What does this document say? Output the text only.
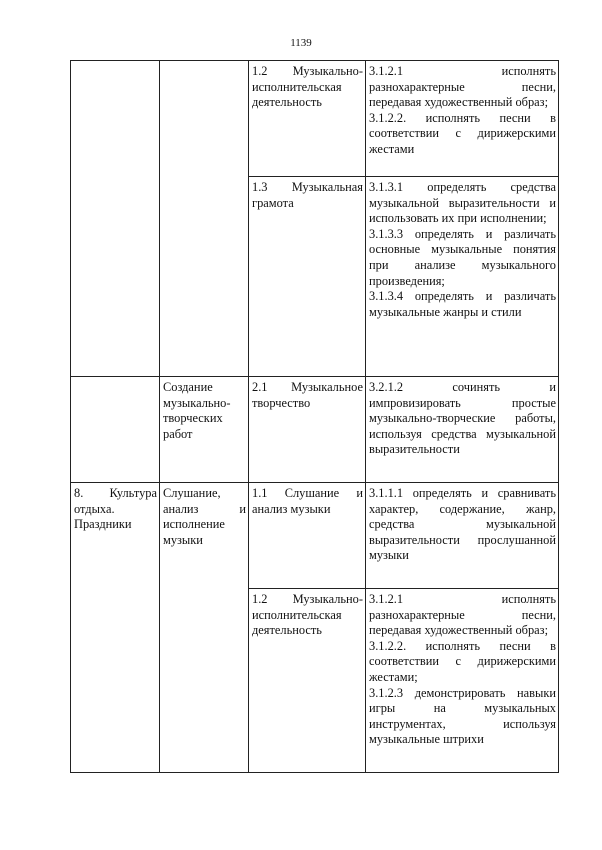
1139

		1.2 Музыкально-исполнительская деятельность	3.1.2.1 исполнять разнохарактерные песни, передавая художественный образ;
3.1.2.2. исполнять песни в соответствии с дирижерскими жестами

		1.3 Музыкальная грамота	3.1.3.1 определять средства музыкальной выразительности и использовать их при исполнении;
3.1.3.3 определять и различать основные музыкальные понятия при анализе музыкального произведения;
3.1.3.4 определять и различать музыкальные жанры и стили

	Создание музыкально-творческих работ	2.1 Музыкальное творчество	3.2.1.2 сочинять и импровизировать простые музыкально-творческие работы, используя средства музыкальной выразительности

8. Культура отдыха. Праздники	Слушание, анализ и исполнение музыки	1.1 Слушание и анализ музыки	3.1.1.1 определять и сравнивать характер, содержание, жанр, средства музыкальной выразительности прослушанной музыки

		1.2 Музыкально-исполнительская деятельность	3.1.2.1 исполнять разнохарактерные песни, передавая художественный образ;
3.1.2.2. исполнять песни в соответствии с дирижерскими жестами;
3.1.2.3 демонстрировать навыки игры на музыкальных инструментах, используя музыкальные штрихи
